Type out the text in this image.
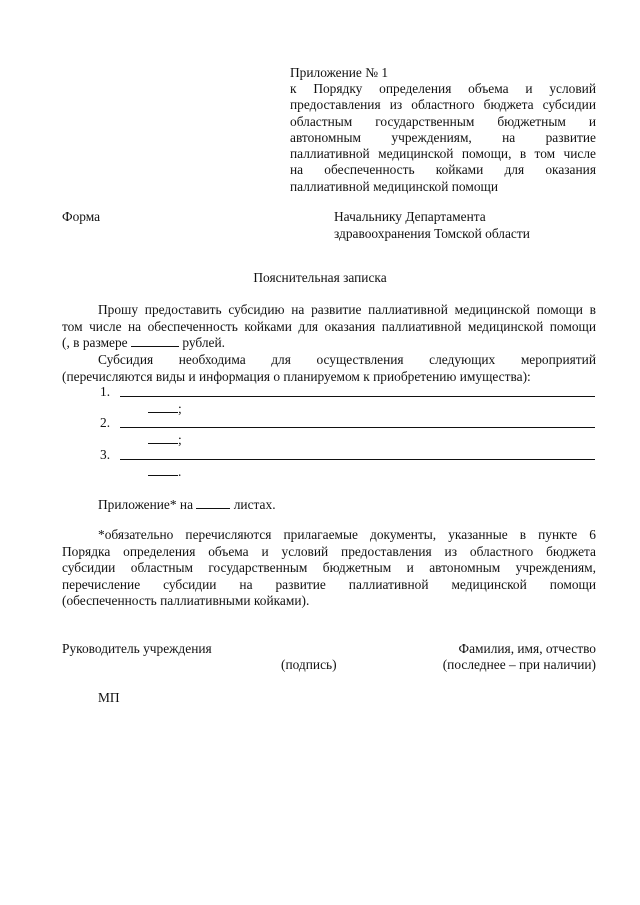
Приложение № 1
к Порядку определения объема и условий
предоставления из областного бюджета субсидии
областным государственным бюджетным и
автономным учреждениям, на развитие
паллиативной медицинской помощи, в том числе
на обеспеченность койками для оказания
паллиативной медицинской помощи
Форма	Начальнику Департамента
здравоохранения Томской области
Пояснительная записка
Прошу предоставить субсидию на развитие паллиативной медицинской помощи в
том числе на обеспеченность койками для оказания паллиативной медицинской помощи
(, в размере	рублей.
Субсидия необходима для осуществления следующих мероприятий
(перечисляются виды и информация о планируемом к приобретению имущества):
1.
;
2.
;
3.
.
Приложение* на	листах.
*обязательно перечисляются прилагаемые документы, указанные в пункте 6
Порядка определения объема и условий предоставления из областного бюджета
субсидии областным государственным бюджетным и автономным учреждениям,
перечисление субсидии на развитие паллиативной медицинской помощи
(обеспеченность паллиативными койками).
Руководитель учреждения	Фамилия, имя, отчество
(подпись)	(последнее – при наличии)
МП
